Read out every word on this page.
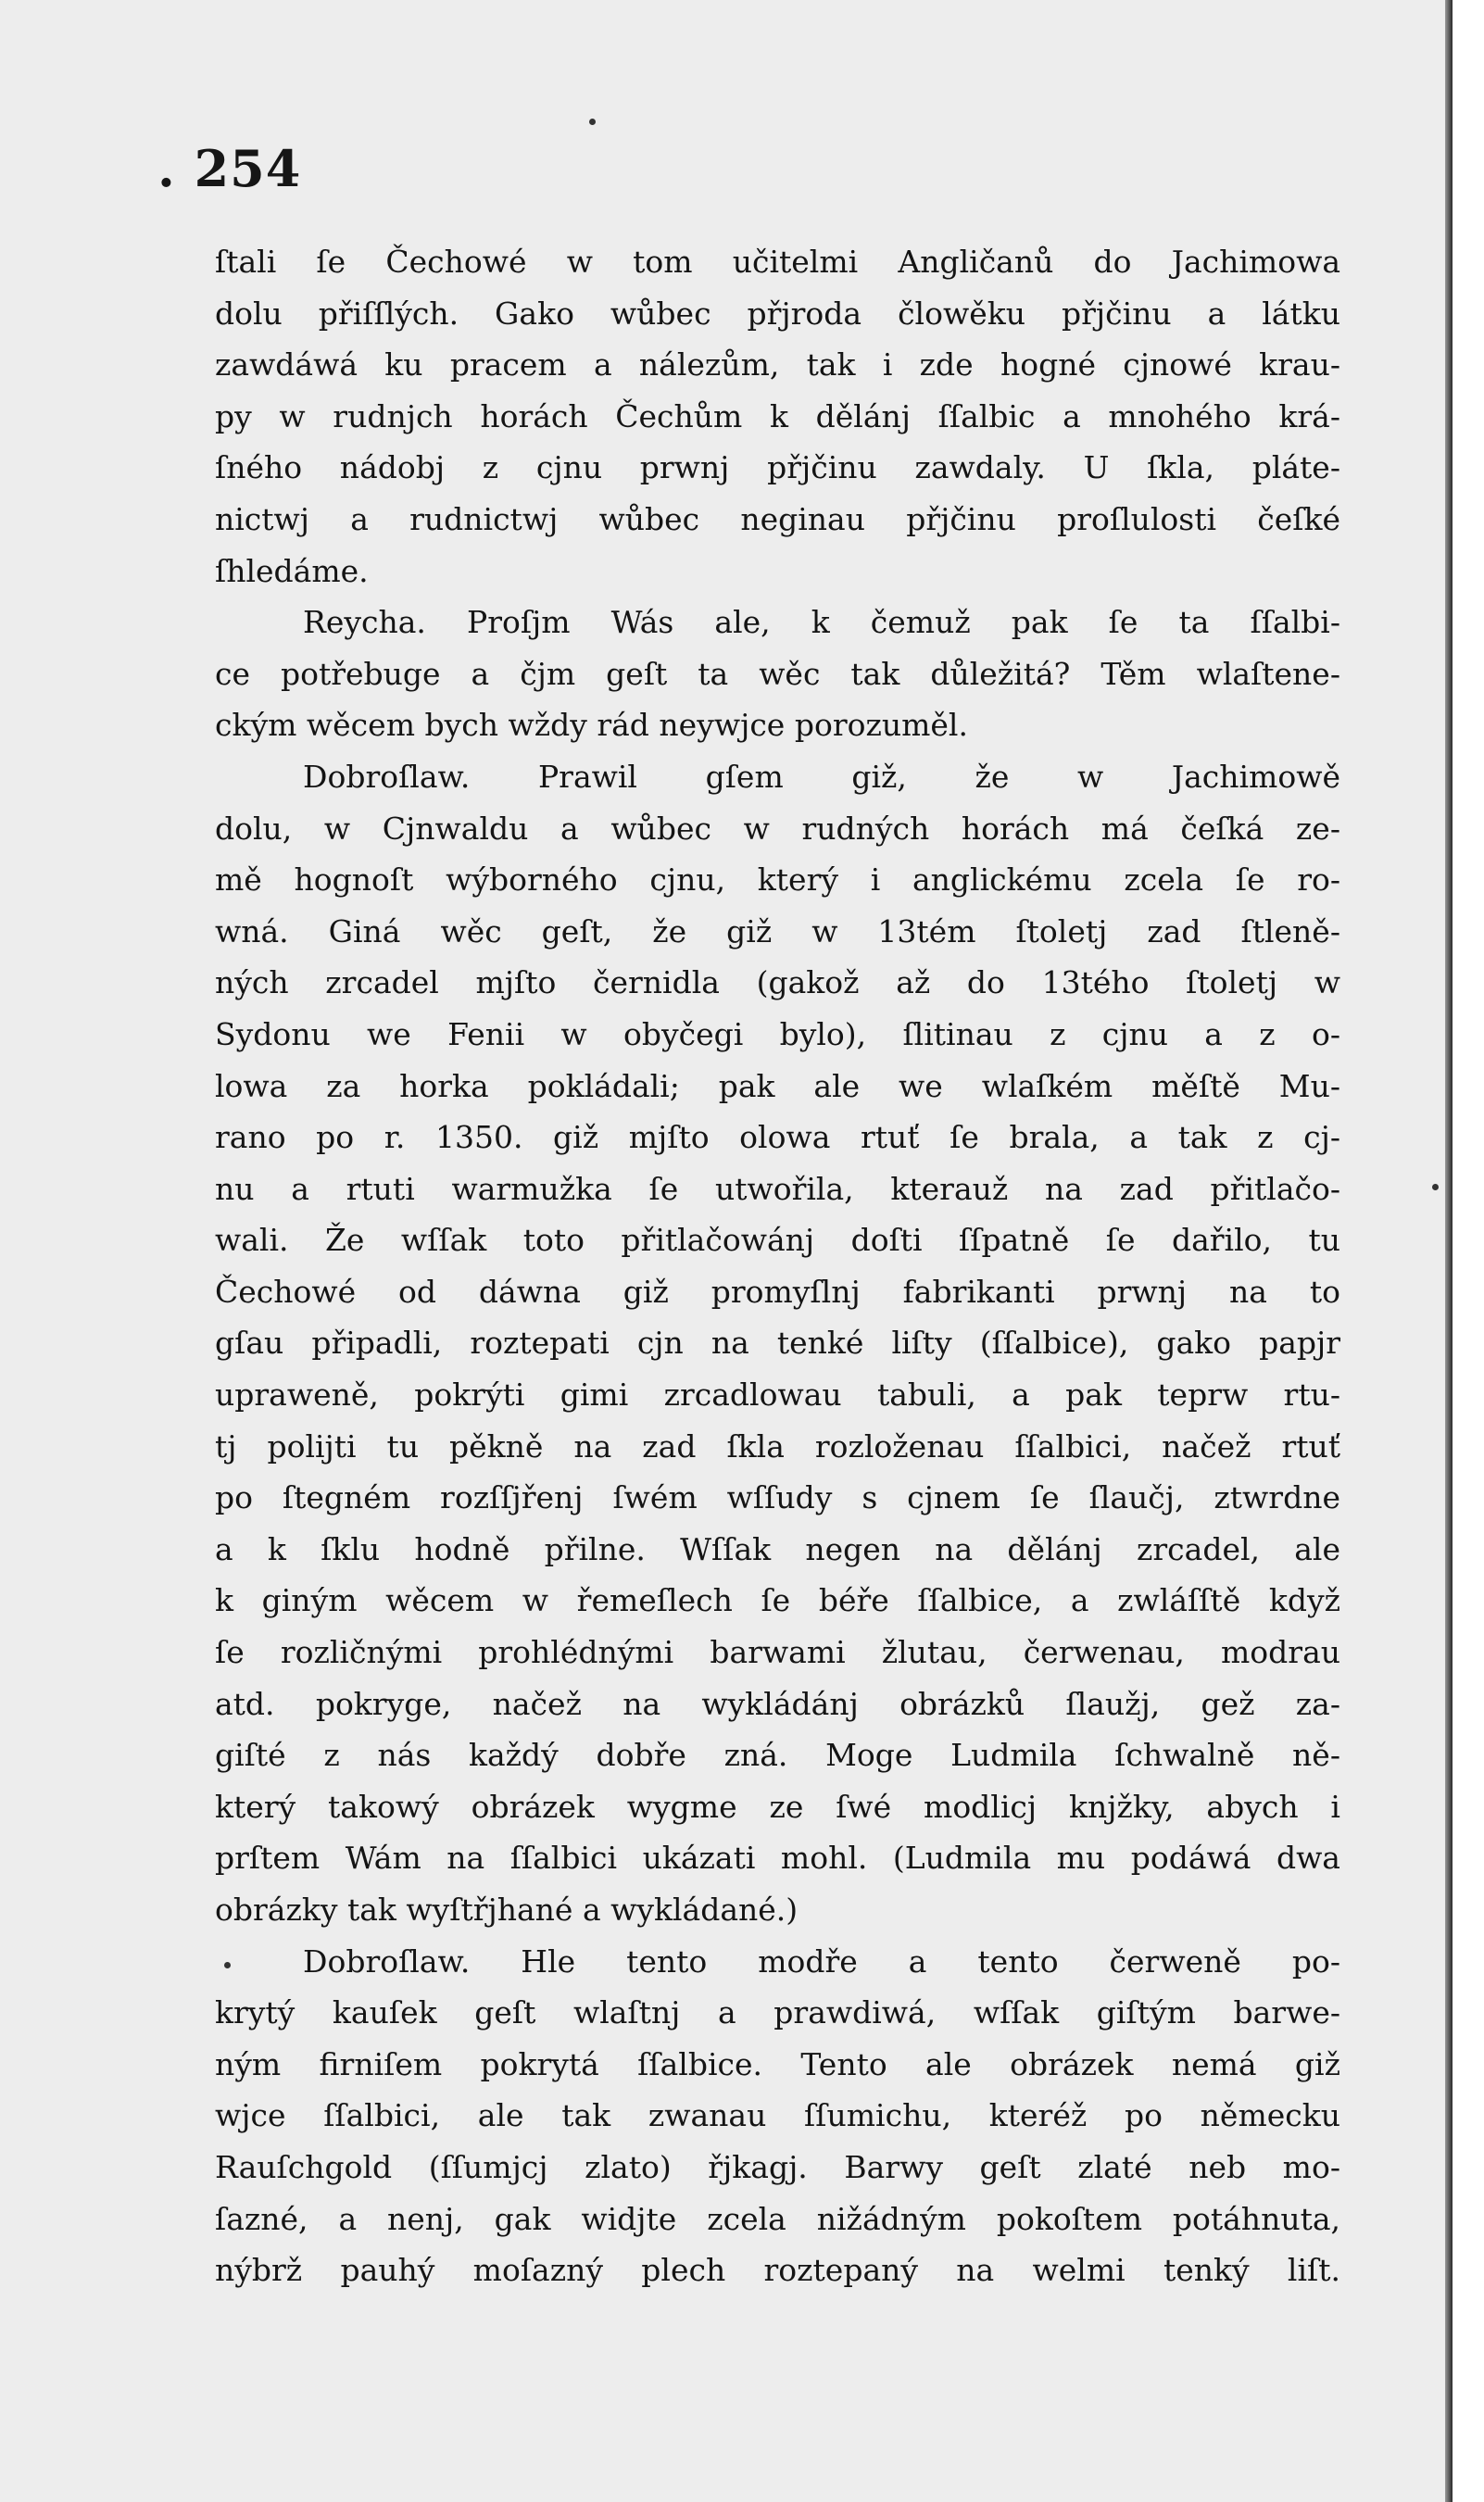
. 254
ſtali ſe Čechowé w tom učitelmi Angličanů do Jachimowa
dolu přiſſlých. Gako wůbec přjroda člowěku přjčinu a látku
zawdáwá ku pracem a nálezům, tak i zde hogné cjnowé krau-
py w rudnjch horách Čechům k dělánj ſſalbic a mnohého krá-
ſného nádobj z cjnu prwnj přjčinu zawdaly. U ſkla, pláte-
nictwj a rudnictwj wůbec neginau přjčinu proſlulosti čeſké
ſhledáme.
Reycha. Proſjm Wás ale, k čemuž pak ſe ta ſſalbi-
ce potřebuge a čjm geſt ta wěc tak důležitá? Těm wlaſtene-
ckým wěcem bych wždy rád neywjce porozuměl.
Dobroſlaw. Prawil gſem giž, že w Jachimowě
dolu, w Cjnwaldu a wůbec w rudných horách má čeſká ze-
mě hognoſt wýborného cjnu, který i anglickému zcela ſe ro-
wná. Giná wěc geſt, že giž w 13tém ſtoletj zad ſtleně-
ných zrcadel mjſto černidla (gakož až do 13tého ſtoletj w
Sydonu we Fenii w obyčegi bylo), ſlitinau z cjnu a z o-
lowa za horka pokládali; pak ale we wlaſkém měſtě Mu-
rano po r. 1350. giž mjſto olowa rtuť ſe brala, a tak z cj-
nu a rtuti warmužka ſe utwořila, kterauž na zad přitlačo-
wali. Že wſſak toto přitlačowánj doſti ſſpatně ſe dařilo, tu
Čechowé od dáwna giž promyſlnj fabrikanti prwnj na to
gſau připadli, roztepati cjn na tenké liſty (ſſalbice), gako papjr
upraweně, pokrýti gimi zrcadlowau tabuli, a pak teprw rtu-
tj polijti tu pěkně na zad ſkla rozloženau ſſalbici, načež rtuť
po ſtegném rozſſjřenj ſwém wſſudy s cjnem ſe ſlaučj, ztwrdne
a k ſklu hodně přilne. Wſſak negen na dělánj zrcadel, ale
k giným wěcem w řemeſlech ſe béře ſſalbice, a zwláſſtě když
ſe rozličnými prohlédnými barwami žlutau, čerwenau, modrau
atd. pokryge, načež na wykládánj obrázků ſlaužj, gež za-
giſté z nás každý dobře zná. Moge Ludmila ſchwalně ně-
který takowý obrázek wygme ze ſwé modlicj knjžky, abych i
prſtem Wám na ſſalbici ukázati mohl. (Ludmila mu podáwá dwa
obrázky tak wyſtřjhané a wykládané.)
Dobroſlaw. Hle tento modře a tento čerweně po-
krytý kauſek geſt wlaſtnj a prawdiwá, wſſak giſtým barwe-
ným firniſem pokrytá ſſalbice. Tento ale obrázek nemá giž
wjce ſſalbici, ale tak zwanau ſſumichu, kteréž po německu
Rauſchgold (ſſumjcj zlato) řjkagj. Barwy geſt zlaté neb mo-
ſazné, a nenj, gak widjte zcela nižádným pokoſtem potáhnuta,
nýbrž pauhý moſazný plech roztepaný na welmi tenký liſt.
